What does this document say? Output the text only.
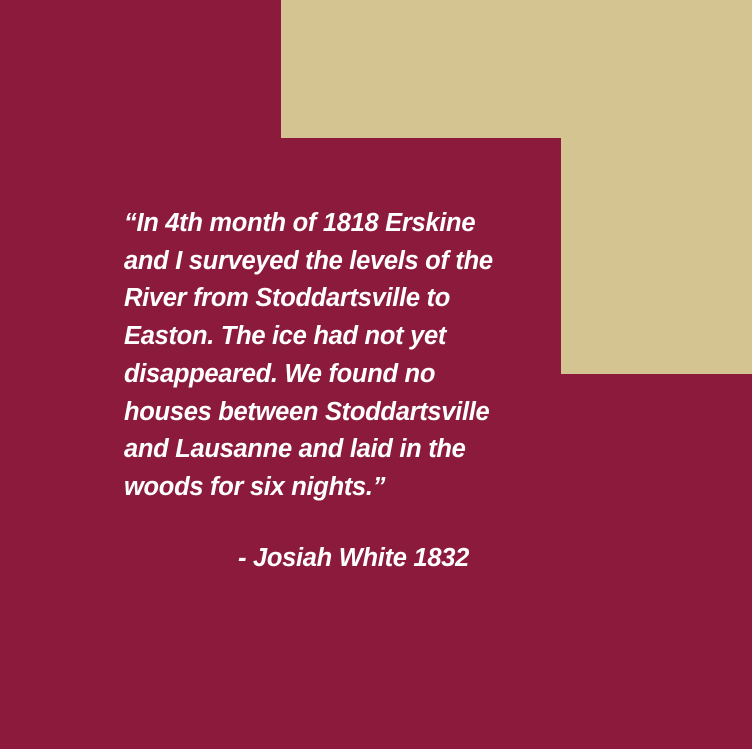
“In 4th month of 1818 Erskine
and I surveyed the levels of the
River from Stoddartsville to
Easton. The ice had not yet
disappeared. We found no
houses between Stoddartsville
and Lausanne and laid in the
woods for six nights.”
- Josiah White 1832
